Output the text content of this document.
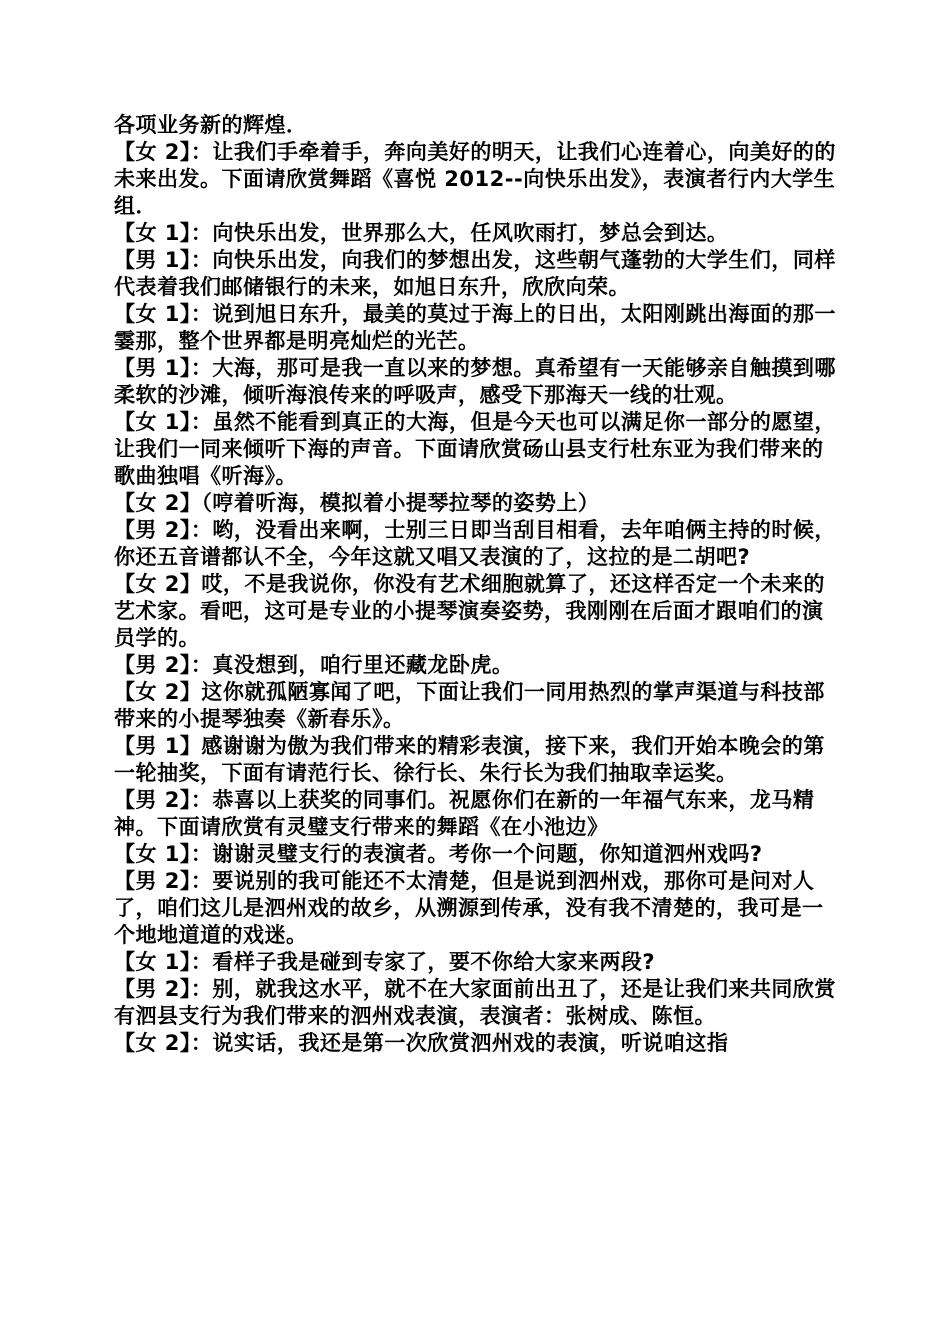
各项业务新的辉煌．

【女 2】：让我们手牵着手，奔向美好的明天，让我们心连着心，向美好的的未来出发。下面请欣赏舞蹈《喜悦 2012--向快乐出发》，表演者行内大学生组．

【女 1】：向快乐出发，世界那么大，任风吹雨打，梦总会到达。

【男 1】：向快乐出发，向我们的梦想出发，这些朝气蓬勃的大学生们，同样代表着我们邮储银行的未来，如旭日东升，欣欣向荣。

【女 1】：说到旭日东升，最美的莫过于海上的日出，太阳刚跳出海面的那一霎那，整个世界都是明亮灿烂的光芒。

【男 1】：大海，那可是我一直以来的梦想。真希望有一天能够亲自触摸到哪柔软的沙滩，倾听海浪传来的呼吸声，感受下那海天一线的壮观。

【女 1】：虽然不能看到真正的大海，但是今天也可以满足你一部分的愿望，让我们一同来倾听下海的声音。下面请欣赏砀山县支行杜东亚为我们带来的歌曲独唱《听海》。

【女 2】（哼着听海，模拟着小提琴拉琴的姿势上）

【男 2】：哟，没看出来啊，士别三日即当刮目相看，去年咱俩主持的时候，你还五音谱都认不全，今年这就又唱又表演的了，这拉的是二胡吧?

【女 2】哎，不是我说你，你没有艺术细胞就算了，还这样否定一个未来的艺术家。看吧，这可是专业的小提琴演奏姿势，我刚刚在后面才跟咱们的演员学的。

【男 2】：真没想到，咱行里还藏龙卧虎。

【女 2】这你就孤陋寡闻了吧，下面让我们一同用热烈的掌声渠道与科技部带来的小提琴独奏《新春乐》。

【男 1】感谢谢为傲为我们带来的精彩表演，接下来，我们开始本晚会的第一轮抽奖，下面有请范行长、徐行长、朱行长为我们抽取幸运奖。

【男 2】：恭喜以上获奖的同事们。祝愿你们在新的一年福气东来，龙马精神。下面请欣赏有灵璧支行带来的舞蹈《在小池边》

【女 1】：谢谢灵璧支行的表演者。考你一个问题，你知道泗州戏吗?

【男 2】：要说别的我可能还不太清楚，但是说到泗州戏，那你可是问对人了，咱们这儿是泗州戏的故乡，从溯源到传承，没有我不清楚的，我可是一个地地道道的戏迷。

【女 1】：看样子我是碰到专家了，要不你给大家来两段?

【男 2】：别，就我这水平，就不在大家面前出丑了，还是让我们来共同欣赏有泗县支行为我们带来的泗州戏表演，表演者：张树成、陈恒。

【女 2】：说实话，我还是第一次欣赏泗州戏的表演，听说咱这指
